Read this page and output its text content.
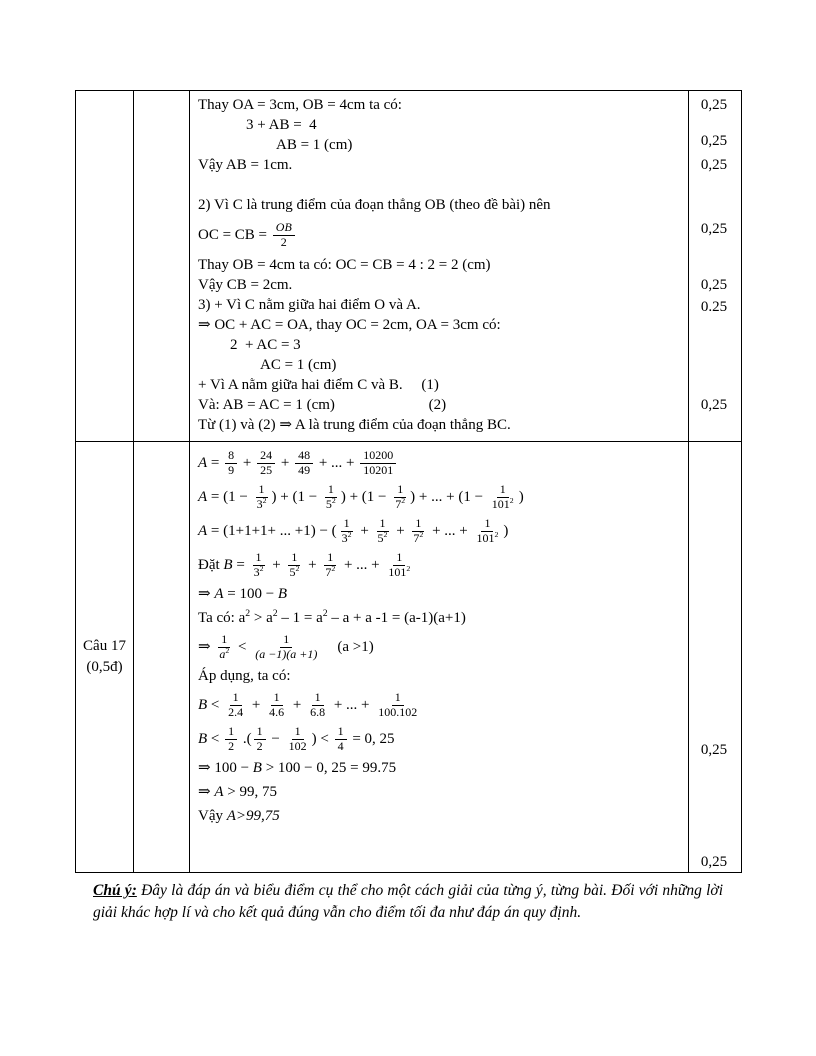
Thay OA = 3cm, OB = 4cm ta có:
3 + AB =  4
AB = 1 (cm)
Vậy AB = 1cm.

2) Vì C là trung điểm của đoạn thẳng OB (theo đề bài) nên
OC = CB = $\frac{OB}{2}$
Thay OB = 4cm ta có: OC = CB = 4 : 2 = 2 (cm)
Vậy CB = 2cm.
3) + Vì C nằm giữa hai điểm O và A.
⇒ OC + AC = OA, thay OC = 2cm, OA = 3cm có:
2  + AC = 3
AC = 1 (cm)
+ Vì A nằm giữa hai điểm C và B.     (1)
Và: AB = AC = 1 (cm)                         (2)
Từ (1) và (2) ⇒ A là trung điểm của đoạn thẳng BC.
0,25
0,25
0,25
0,25
0,25
0.25
0,25
Câu 17
(0,5đ)
$A = \frac{8}{9} + \frac{24}{25} + \frac{48}{49}$ + ... + $\frac{10200}{10201}$
$A = (1 - \frac{1}{3^2}$ ) + ($1 - \frac{1}{5^2}$ ) + ($1 - \frac{1}{7^2}$ ) + ... + ($1 - \frac{1}{101^2}$ )
A = (1+1+1+ ... +1) − ( $\frac{1}{3^2} + \frac{1}{5^2} + \frac{1}{7^2}$ + ... + $\frac{1}{101^2}$ )
Đặt $B = \frac{1}{3^2} + \frac{1}{5^2} + \frac{1}{7^2}$ + ... + $\frac{1}{101^2}$
⇒ A = 100 − B
Ta có: $a^2 > a^2 - 1 = a^2 - a + a$ -1 = (a-1)(a+1)
⇒ $\frac{1}{a^2} < \frac{1}{(a -1)(a +1)} (a >1)$
Áp dụng, ta có:
$B < \frac{1}{2.4} + \frac{1}{4.6} + \frac{1}{6.8}$ + ... + $\frac{1}{100.102}$
$B < \frac{1}{2}$ .( $\frac{1}{2} - \frac{1}{102}$ ) < $\frac{1}{4} = 0$, 25
⇒ 100 − B > 100 − 0, 25 = 99.75
⇒ A > 99, 75
Vậy A>99,75
0,25
0,25
Chú ý: Đây là đáp án và biểu điểm cụ thể cho một cách giải của từng ý, từng bài. Đối với những lời giải khác hợp lí và cho kết quả đúng vẫn cho điểm tối đa như đáp án quy định.
